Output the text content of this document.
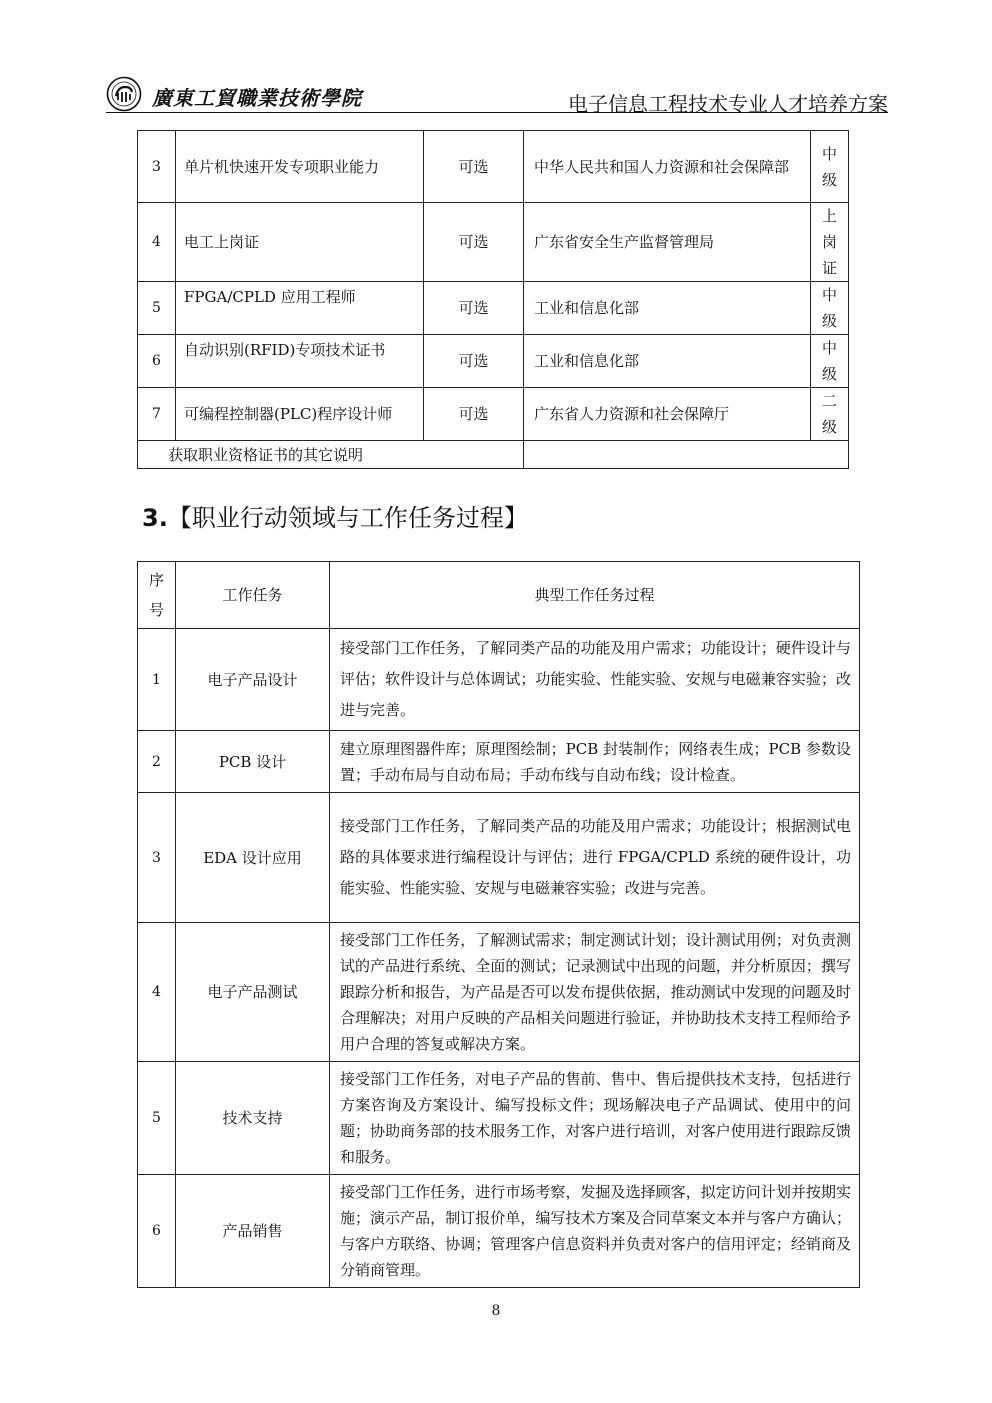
廣東工貿職業技術學院	电子信息工程技术专业人才培养方案
3	单片机快速开发专项职业能力	可选	中华人民共和国人力资源和社会保障部	中级
4	电工上岗证	可选	广东省安全生产监督管理局	上岗证
5	FPGA/CPLD 应用工程师	可选	工业和信息化部	中级
6	自动识别(RFID)专项技术证书	可选	工业和信息化部	中级
7	可编程控制器(PLC)程序设计师	可选	广东省人力资源和社会保障厅	二级
获取职业资格证书的其它说明				
3.【职业行动领域与工作任务过程】
序号	工作任务	典型工作任务过程
1	电子产品设计	接受部门工作任务，了解同类产品的功能及用户需求；功能设计；硬件设计与评估；软件设计与总体调试；功能实验、性能实验、安规与电磁兼容实验；改进与完善。
2	PCB 设计	建立原理图器件库；原理图绘制；PCB 封装制作；网络表生成；PCB 参数设置；手动布局与自动布局；手动布线与自动布线；设计检查。
3	EDA 设计应用	接受部门工作任务，了解同类产品的功能及用户需求；功能设计；根据测试电路的具体要求进行编程设计与评估；进行 FPGA/CPLD 系统的硬件设计，功能实验、性能实验、安规与电磁兼容实验；改进与完善。
4	电子产品测试	接受部门工作任务，了解测试需求；制定测试计划；设计测试用例；对负责测试的产品进行系统、全面的测试；记录测试中出现的问题，并分析原因；撰写跟踪分析和报告，为产品是否可以发布提供依据，推动测试中发现的问题及时合理解决；对用户反映的产品相关问题进行验证，并协助技术支持工程师给予用户合理的答复或解决方案。
5	技术支持	接受部门工作任务，对电子产品的售前、售中、售后提供技术支持，包括进行方案咨询及方案设计、编写投标文件；现场解决电子产品调试、使用中的问题；协助商务部的技术服务工作，对客户进行培训，对客户使用进行跟踪反馈和服务。
6	产品销售	接受部门工作任务，进行市场考察，发掘及选择顾客，拟定访问计划并按期实施；演示产品，制订报价单，编写技术方案及合同草案文本并与客户方确认；与客户方联络、协调；管理客户信息资料并负责对客户的信用评定；经销商及分销商管理。
8
